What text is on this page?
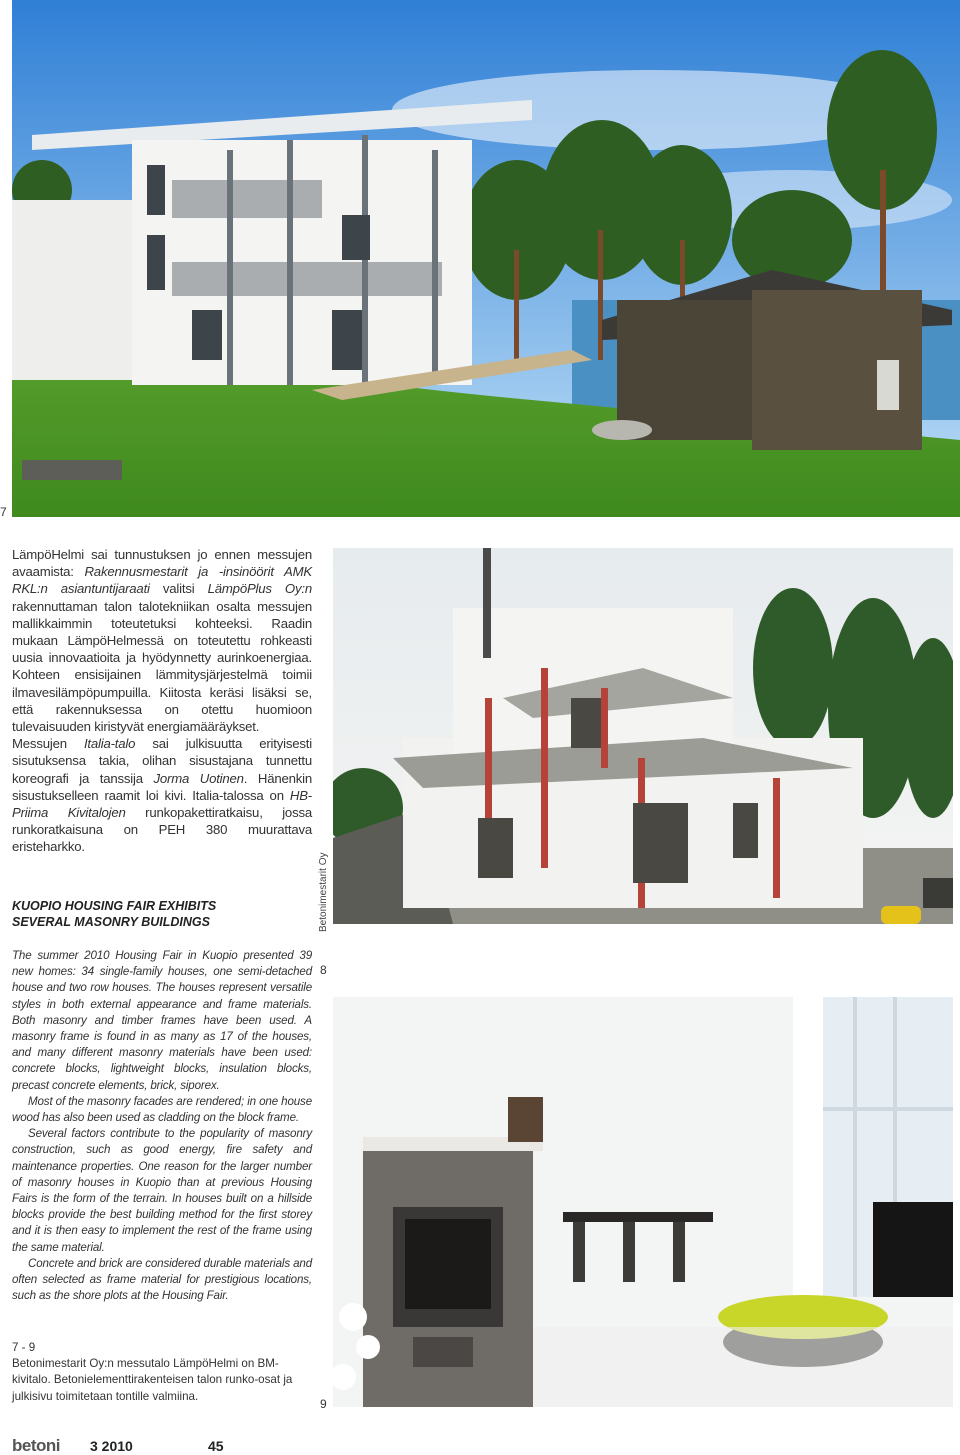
7
Betonimestarit Oy
8
9

LämpöHelmi sai tunnustuksen jo ennen messujen avaamista: Rakennusmestarit ja -insinöörit AMK RKL:n asiantuntijaraati valitsi LämpöPlus Oy:n rakennuttaman talon talotekniikan osalta messujen mallikkaimmin toteutetuksi kohteeksi. Raadin mukaan LämpöHelmessä on toteutettu rohkeasti uusia innovaatioita ja hyödynnetty aurinkoenergiaa. Kohteen ensisijainen lämmitysjärjestelmä toimii ilmavesilämpöpumpuilla. Kiitosta keräsi lisäksi se, että rakennuksessa on otettu huomioon tulevaisuuden kiristyvät energiamääräykset.

Messujen Italia-talo sai julkisuutta erityisesti sisutuksensa takia, olihan sisustajana tunnettu koreografi ja tanssija Jorma Uotinen. Hänenkin sisustukselleen raamit loi kivi. Italia-talossa on HB-Priima Kivitalojen runkopakettiratkaisu, jossa runkoratkaisuna on PEH 380 muurattava eristeharkko.

KUOPIO HOUSING FAIR EXHIBITS
SEVERAL MASONRY BUILDINGS

The summer 2010 Housing Fair in Kuopio presented 39 new homes: 34 single-family houses, one semi-detached house and two row houses. The houses represent versatile styles in both external appearance and frame materials. Both masonry and timber frames have been used. A masonry frame is found in as many as 17 of the houses, and many different masonry materials have been used: concrete blocks, lightweight blocks, insulation blocks, precast concrete elements, brick, siporex.

Most of the masonry facades are rendered; in one house wood has also been used as cladding on the block frame.

Several factors contribute to the popularity of masonry construction, such as good energy, fire safety and maintenance properties. One reason for the larger number of masonry houses in Kuopio than at previous Housing Fairs is the form of the terrain. In houses built on a hillside blocks provide the best building method for the first storey and it is then easy to implement the rest of the frame using the same material.

Concrete and brick are considered durable materials and often selected as frame material for prestigious locations, such as the shore plots at the Housing Fair.

7 - 9
Betonimestarit Oy:n messutalo LämpöHelmi on BM-kivitalo. Betonielementtirakenteisen talon runko-osat ja julkisivu toimitetaan tontille valmiina.
betoni 3 2010	45
